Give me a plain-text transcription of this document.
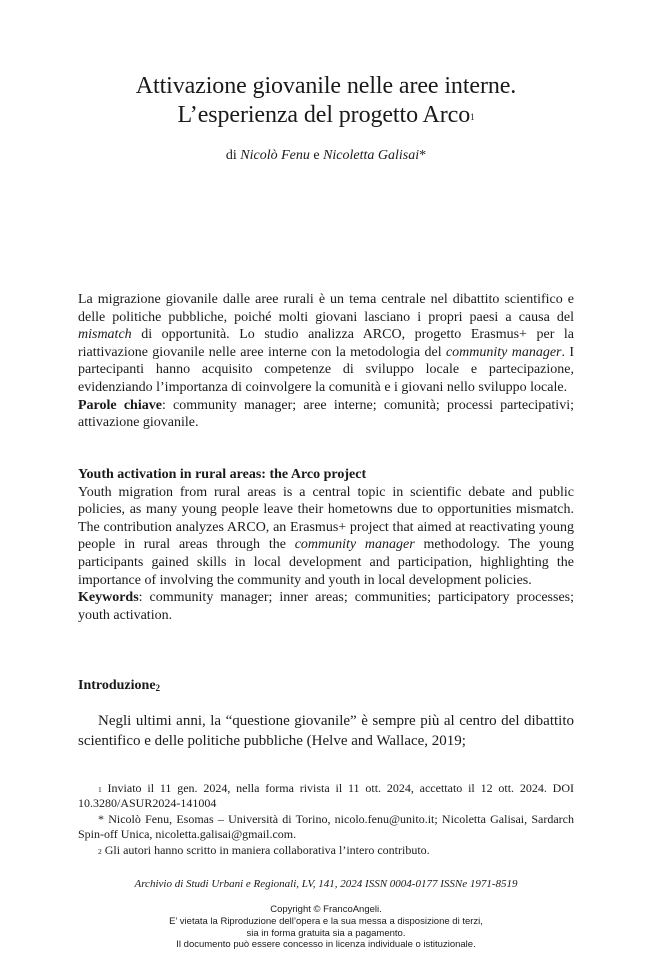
Attivazione giovanile nelle aree interne.
L’esperienza del progetto Arco$^1$
di Nicolò Fenu e Nicoletta Galisai*

La migrazione giovanile dalle aree rurali è un tema centrale nel dibattito scientifico e delle politiche pubbliche, poiché molti giovani lasciano i propri paesi a causa del mismatch di opportunità. Lo studio analizza ARCO, progetto Erasmus+ per la riattivazione giovanile nelle aree interne con la metodologia del community manager. I partecipanti hanno acquisito competenze di sviluppo locale e partecipazione, evidenziando l’importanza di coinvolgere la comunità e i giovani nello sviluppo locale.

Parole chiave: community manager; aree interne; comunità; processi partecipativi; attivazione giovanile.

Youth activation in rural areas: the Arco project

Youth migration from rural areas is a central topic in scientific debate and public policies, as many young people leave their hometowns due to opportunities mismatch. The contribution analyzes ARCO, an Erasmus+ project that aimed at reactivating young people in rural areas through the community manager methodology. The young participants gained skills in local development and participation, highlighting the importance of involving the community and youth in local development policies.

Keywords: community manager; inner areas; communities; participatory processes; youth activation.

Introduzione$^2$
Negli ultimi anni, la “questione giovanile” è sempre più al centro del dibattito scientifico e delle politiche pubbliche (Helve and Wallace, 2019;

$^1$ Inviato il 11 gen. 2024, nella forma rivista il 11 ott. 2024, accettato il 12 ott. 2024. DOI 10.3280/ASUR2024-141004

* Nicolò Fenu, Esomas – Università di Torino, nicolo.fenu@unito.it; Nicoletta Galisai, Sardarch Spin-off Unica, nicoletta.galisai@gmail.com.

$^2$ Gli autori hanno scritto in maniera collaborativa l’intero contributo.

Archivio di Studi Urbani e Regionali, LV, 141, 2024 ISSN 0004-0177 ISSNe 1971-8519
Copyright © FrancoAngeli.
E’ vietata la Riproduzione dell’opera e la sua messa a disposizione di terzi,
sia in forma gratuita sia a pagamento.
Il documento può essere concesso in licenza individuale o istituzionale.
